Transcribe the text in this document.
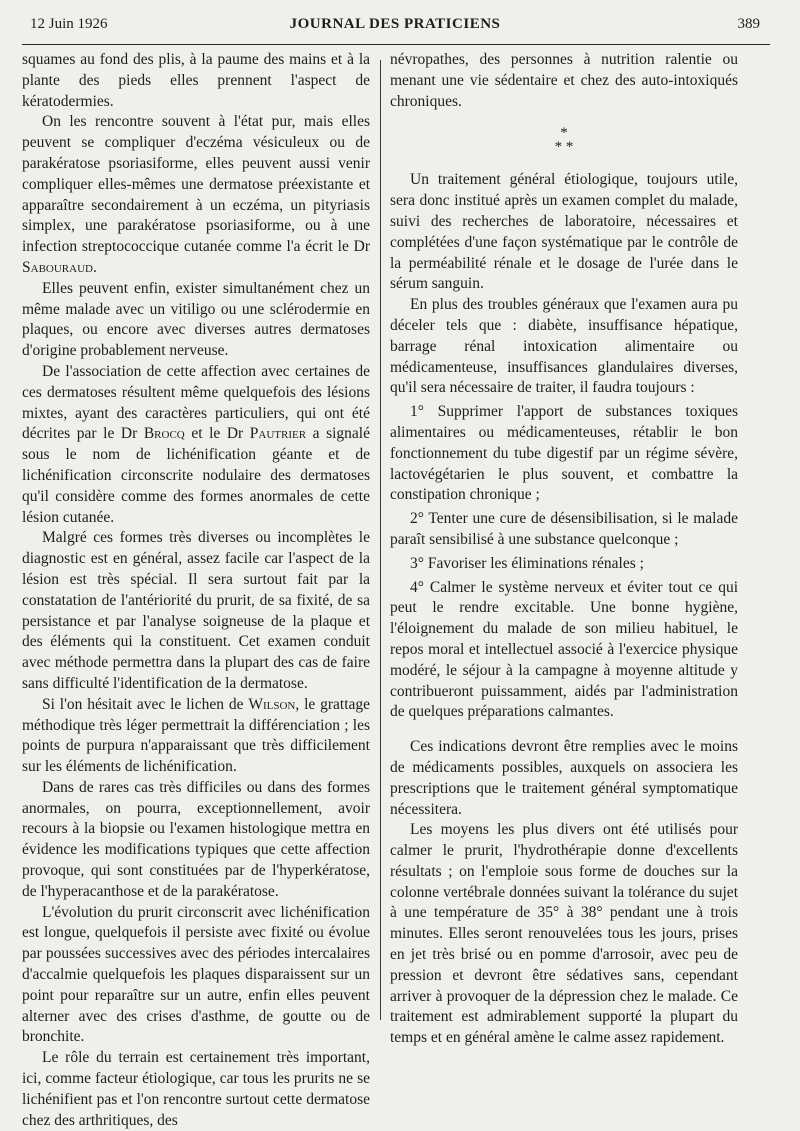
12 Juin 1926	JOURNAL DES PRATICIENS	389

squames au fond des plis, à la paume des mains et à la plante des pieds elles prennent l'aspect de kératodermies.

On les rencontre souvent à l'état pur, mais elles peuvent se compliquer d'eczéma vésiculeux ou de parakératose psoriasiforme, elles peuvent aussi venir compliquer elles-mêmes une dermatose préexistante et apparaître secondairement à un eczéma, un pityriasis simplex, une parakératose psoriasiforme, ou à une infection streptococcique cutanée comme l'a écrit le Dr Sabouraud.

Elles peuvent enfin, exister simultanément chez un même malade avec un vitiligo ou une sclérodermie en plaques, ou encore avec diverses autres dermatoses d'origine probablement nerveuse.

De l'association de cette affection avec certaines de ces dermatoses résultent même quelquefois des lésions mixtes, ayant des caractères particuliers, qui ont été décrites par le Dr Brocq et le Dr Pautrier a signalé sous le nom de lichénification géante et de lichénification circonscrite nodulaire des dermatoses qu'il considère comme des formes anormales de cette lésion cutanée.

Malgré ces formes très diverses ou incomplètes le diagnostic est en général, assez facile car l'aspect de la lésion est très spécial. Il sera surtout fait par la constatation de l'antériorité du prurit, de sa fixité, de sa persistance et par l'analyse soigneuse de la plaque et des éléments qui la constituent. Cet examen conduit avec méthode permettra dans la plupart des cas de faire sans difficulté l'identification de la dermatose.

Si l'on hésitait avec le lichen de Wilson, le grattage méthodique très léger permettrait la différenciation ; les points de purpura n'apparaissant que très difficilement sur les éléments de lichénification.

Dans de rares cas très difficiles ou dans des formes anormales, on pourra, exceptionnellement, avoir recours à la biopsie ou l'examen histologique mettra en évidence les modifications typiques que cette affection provoque, qui sont constituées par de l'hyperkératose, de l'hyperacanthose et de la parakératose.

L'évolution du prurit circonscrit avec lichénification est longue, quelquefois il persiste avec fixité ou évolue par poussées successives avec des périodes intercalaires d'accalmie quelquefois les plaques disparaissent sur un point pour reparaître sur un autre, enfin elles peuvent alterner avec des crises d'asthme, de goutte ou de bronchite.

Le rôle du terrain est certainement très important, ici, comme facteur étiologique, car tous les prurits ne se lichénifient pas et l'on rencontre surtout cette dermatose chez des arthritiques, des

névropathes, des personnes à nutrition ralentie ou menant une vie sédentaire et chez des auto-intoxiqués chroniques.

*
* *

Un traitement général étiologique, toujours utile, sera donc institué après un examen complet du malade, suivi des recherches de laboratoire, nécessaires et complétées d'une façon systématique par le contrôle de la perméabilité rénale et le dosage de l'urée dans le sérum sanguin.

En plus des troubles généraux que l'examen aura pu déceler tels que : diabète, insuffisance hépatique, barrage rénal intoxication alimentaire ou médicamenteuse, insuffisances glandulaires diverses, qu'il sera nécessaire de traiter, il faudra toujours :

1° Supprimer l'apport de substances toxiques alimentaires ou médicamenteuses, rétablir le bon fonctionnement du tube digestif par un régime sévère, lactovégétarien le plus souvent, et combattre la constipation chronique ;

2° Tenter une cure de désensibilisation, si le malade paraît sensibilisé à une substance quelconque ;

3° Favoriser les éliminations rénales ;

4° Calmer le système nerveux et éviter tout ce qui peut le rendre excitable. Une bonne hygiène, l'éloignement du malade de son milieu habituel, le repos moral et intellectuel associé à l'exercice physique modéré, le séjour à la campagne à moyenne altitude y contribueront puissamment, aidés par l'administration de quelques préparations calmantes.

Ces indications devront être remplies avec le moins de médicaments possibles, auxquels on associera les prescriptions que le traitement général symptomatique nécessitera.

Les moyens les plus divers ont été utilisés pour calmer le prurit, l'hydrothérapie donne d'excellents résultats ; on l'emploie sous forme de douches sur la colonne vertébrale données suivant la tolérance du sujet à une température de 35° à 38° pendant une à trois minutes. Elles seront renouvelées tous les jours, prises en jet très brisé ou en pomme d'arrosoir, avec peu de pression et devront être sédatives sans, cependant arriver à provoquer de la dépression chez le malade. Ce traitement est admirablement supporté la plupart du temps et en général amène le calme assez rapidement.
